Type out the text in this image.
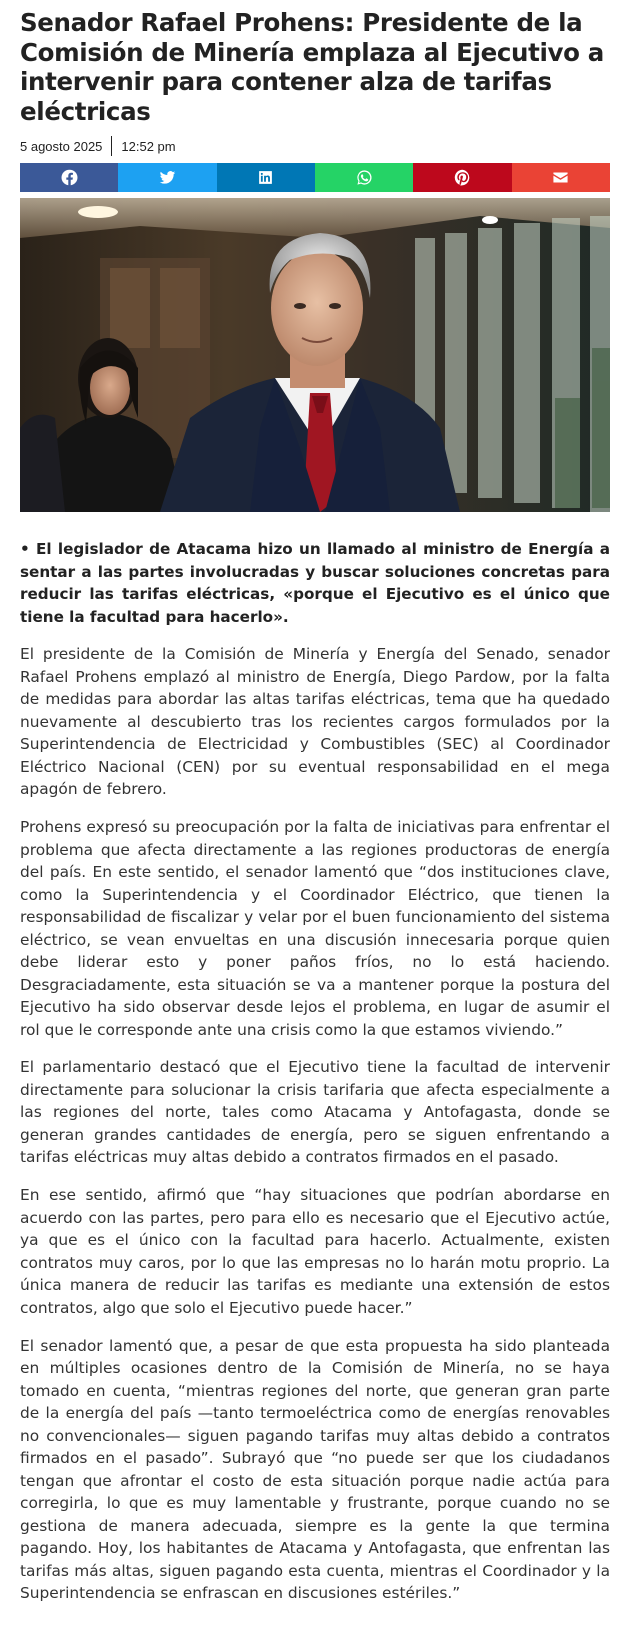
Senador Rafael Prohens: Presidente de la Comisión de Minería emplaza al Ejecutivo a intervenir para contener alza de tarifas eléctricas
5 agosto 2025 12:52 pm

• El legislador de Atacama hizo un llamado al ministro de Energía a sentar a las partes involucradas y buscar soluciones concretas para reducir las tarifas eléctricas, «porque el Ejecutivo es el único que tiene la facultad para hacerlo».

El presidente de la Comisión de Minería y Energía del Senado, senador Rafael Prohens emplazó al ministro de Energía, Diego Pardow, por la falta de medidas para abordar las altas tarifas eléctricas, tema que ha quedado nuevamente al descubierto tras los recientes cargos formulados por la Superintendencia de Electricidad y Combustibles (SEC) al Coordinador Eléctrico Nacional (CEN) por su eventual responsabilidad en el mega apagón de febrero.

Prohens expresó su preocupación por la falta de iniciativas para enfrentar el problema que afecta directamente a las regiones productoras de energía del país. En este sentido, el senador lamentó que “dos instituciones clave, como la Superintendencia y el Coordinador Eléctrico, que tienen la responsabilidad de fiscalizar y velar por el buen funcionamiento del sistema eléctrico, se vean envueltas en una discusión innecesaria porque quien debe liderar esto y poner paños fríos, no lo está haciendo. Desgraciadamente, esta situación se va a mantener porque la postura del Ejecutivo ha sido observar desde lejos el problema, en lugar de asumir el rol que le corresponde ante una crisis como la que estamos viviendo.”

El parlamentario destacó que el Ejecutivo tiene la facultad de intervenir directamente para solucionar la crisis tarifaria que afecta especialmente a las regiones del norte, tales como Atacama y Antofagasta, donde se generan grandes cantidades de energía, pero se siguen enfrentando a tarifas eléctricas muy altas debido a contratos firmados en el pasado.

En ese sentido, afirmó que “hay situaciones que podrían abordarse en acuerdo con las partes, pero para ello es necesario que el Ejecutivo actúe, ya que es el único con la facultad para hacerlo. Actualmente, existen contratos muy caros, por lo que las empresas no lo harán motu proprio. La única manera de reducir las tarifas es mediante una extensión de estos contratos, algo que solo el Ejecutivo puede hacer.”

El senador lamentó que, a pesar de que esta propuesta ha sido planteada en múltiples ocasiones dentro de la Comisión de Minería, no se haya tomado en cuenta, “mientras regiones del norte, que generan gran parte de la energía del país —tanto termoeléctrica como de energías renovables no convencionales— siguen pagando tarifas muy altas debido a contratos firmados en el pasado”. Subrayó que “no puede ser que los ciudadanos tengan que afrontar el costo de esta situación porque nadie actúa para corregirla, lo que es muy lamentable y frustrante, porque cuando no se gestiona de manera adecuada, siempre es la gente la que termina pagando. Hoy, los habitantes de Atacama y Antofagasta, que enfrentan las tarifas más altas, siguen pagando esta cuenta, mientras el Coordinador y la Superintendencia se enfrascan en discusiones estériles.”
